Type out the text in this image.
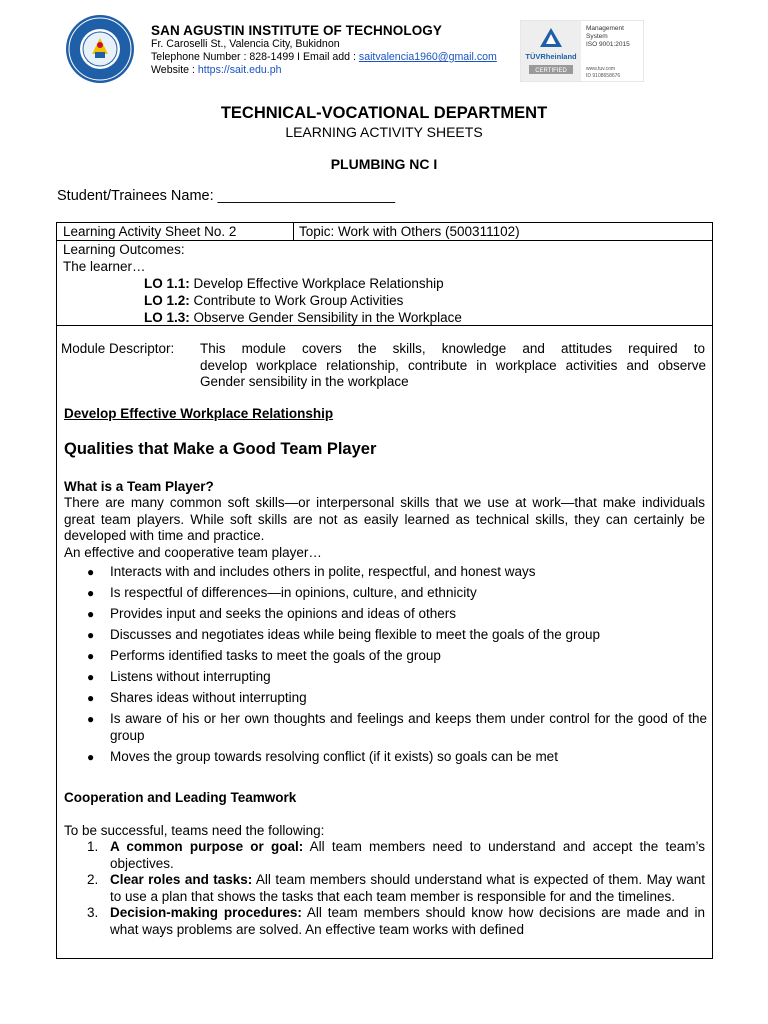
SAN AGUSTIN INSTITUTE OF TECHNOLOGY
Fr. Caroselli St., Valencia City, Bukidnon
Telephone Number : 828-1499 I Email add : saitvalencia1960@gmail.com
Website : https://sait.edu.ph
TÜVRheinland
CERTIFIED
Management
System
ISO 9001:2015
www.tuv.com
ID 9108658676
TECHNICAL-VOCATIONAL DEPARTMENT
LEARNING ACTIVITY SHEETS
PLUMBING NC I
Student/Trainees Name: ______________________
Learning Activity Sheet No. 2	Topic: Work with Others (500311102)
Learning Outcomes:
The learner…
LO 1.1: Develop Effective Workplace Relationship
LO 1.2: Contribute to Work Group Activities
LO 1.3: Observe Gender Sensibility in the Workplace
Module Descriptor:	This module covers the skills, knowledge and attitudes required to
develop workplace relationship, contribute in workplace activities and observe Gender sensibility in the workplace
Develop Effective Workplace Relationship
Qualities that Make a Good Team Player
What is a Team Player?
There are many common soft skills—or interpersonal skills that we use at work—that make individuals great team players. While soft skills are not as easily learned as technical skills, they can certainly be developed with time and practice.
An effective and cooperative team player…
● Interacts with and includes others in polite, respectful, and honest ways
● Is respectful of differences—in opinions, culture, and ethnicity
● Provides input and seeks the opinions and ideas of others
● Discusses and negotiates ideas while being flexible to meet the goals of the group
● Performs identified tasks to meet the goals of the group
● Listens without interrupting
● Shares ideas without interrupting
● Is aware of his or her own thoughts and feelings and keeps them under control for the good of the group
● Moves the group towards resolving conflict (if it exists) so goals can be met
Cooperation and Leading Teamwork
To be successful, teams need the following:
1. A common purpose or goal: All team members need to understand and accept the team’s objectives.
2. Clear roles and tasks: All team members should understand what is expected of them. May want to use a plan that shows the tasks that each team member is responsible for and the timelines.
3. Decision-making procedures: All team members should know how decisions are made and in what ways problems are solved. An effective team works with defined
